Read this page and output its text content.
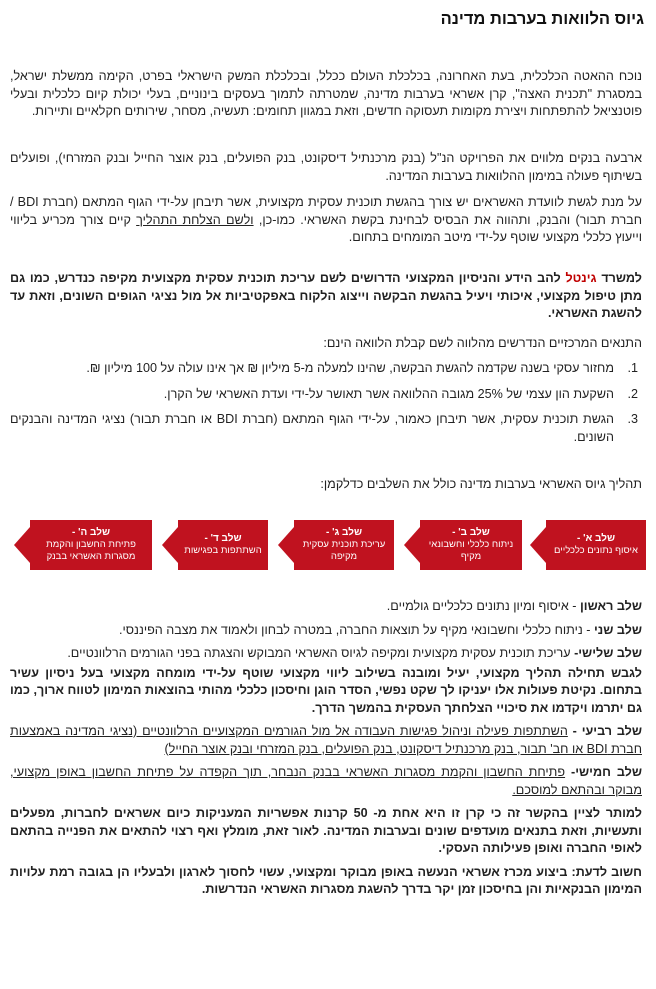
גיוס הלוואות בערבות מדינה
נוכח ההאטה הכלכלית, בעת האחרונה, בכלכלת העולם ככלל, ובכלכלת המשק הישראלי בפרט, הקימה ממשלת ישראל, במסגרת "תכנית האצה", קרן אשראי בערבות מדינה, שמטרתה לתמוך בעסקים בינוניים, בעלי יכולת קיום כלכלית ובעלי פוטנציאל להתפתחות ויצירת מקומות תעסוקה חדשים, וזאת במגוון תחומים: תעשיה, מסחר, שירותים חקלאיים ותיירות.
ארבעה בנקים מלווים את הפרויקט הנ"ל (בנק מרכנתיל דיסקונט, בנק הפועלים, בנק אוצר החייל ובנק המזרחי), ופועלים בשיתוף פעולה במימון ההלוואות בערבות המדינה.
על מנת לגשת לוועדת האשראים יש צורך בהגשת תוכנית עסקית מקצועית, אשר תיבחן על-ידי הגוף המתאם (חברת BDI / חברת תבור) והבנק, ותהווה את הבסיס לבחינת בקשת האשראי. כמו-כן, ולשם הצלחת התהליך קיים צורך מכריע בליווי וייעוץ כלכלי מקצועי שוטף על-ידי מיטב המומחים בתחום.
למשרד גינטל להב הידע והניסיון המקצועי הדרושים לשם עריכת תוכנית עסקית מקצועית מקיפה כנדרש, כמו גם מתן טיפול מקצועי, איכותי ויעיל בהגשת הבקשה וייצוג הלקוח באפקטיביות אל מול נציגי הגופים השונים, וזאת עד להשגת האשראי.
התנאים המרכזיים הנדרשים מהלווה לשם קבלת הלוואה הינם:
1.
מחזור עסקי בשנה שקדמה להגשת הבקשה, שהינו למעלה מ-5 מיליון ₪ אך אינו עולה על 100 מיליון ₪.
2.
השקעת הון עצמי של 25% מגובה ההלוואה אשר תאושר על-ידי ועדת האשראי של הקרן.
3.
הגשת תוכנית עסקית, אשר תיבחן כאמור, על-ידי הגוף המתאם (חברת BDI או חברת תבור) נציגי המדינה והבנקים השונים.
תהליך גיוס האשראי בערבות מדינה כולל את השלבים כדלקמן:
שלב א' -
איסוף נתונים כלכליים
שלב ב' -
ניתוח כלכלי וחשבונאי מקיף
שלב ג' -
עריכת תוכנית עסקית מקיפה
שלב ד' -
השתתפות בפגישות
שלב ה' -
פתיחת החשבון והקמת מסגרות האשראי בבנק
שלב ראשון - איסוף ומיון נתונים כלכליים גולמיים.
שלב שני - ניתוח כלכלי וחשבונאי מקיף על תוצאות החברה, במטרה לבחון ולאמוד את מצבה הפיננסי.
שלב שלישי- עריכת תוכנית עסקית מקצועית ומקיפה לגיוס האשראי המבוקש והצגתה בפני הגורמים הרלוונטיים.
לגבש תחילה תהליך מקצועי, יעיל ומובנה בשילוב ליווי מקצועי שוטף על-ידי מומחה מקצועי בעל ניסיון עשיר בתחום. נקיטת פעולות אלו יעניקו לך שקט נפשי, הסדר הוגן וחיסכון כלכלי מהותי בהוצאות המימון לטווח ארוך, כמו גם יתרמו ויקדמו את סיכויי הצלחתך העסקית בהמשך הדרך.
שלב רביעי - השתתפות פעילה וניהול פגישות העבודה אל מול הגורמים המקצועיים הרלוונטיים (נציגי המדינה באמצעות חברת BDI או חב' תבור, בנק מרכנתיל דיסקונט, בנק הפועלים, בנק המזרחי ובנק אוצר החייל)
שלב חמישי- פתיחת החשבון והקמת מסגרות האשראי בבנק הנבחר, תוך הקפדה על פתיחת החשבון באופן מקצועי, מבוקר ובהתאם למוסכם.
למותר לציין בהקשר זה כי קרן זו היא אחת מ- 50 קרנות אפשריות המעניקות כיום אשראים לחברות, מפעלים ותעשיות, וזאת בתנאים מועדפים שונים ובערבות המדינה. לאור זאת, מומלץ ואף רצוי להתאים את הפנייה בהתאם לאופי החברה ואופן פעילותה העסקי.
חשוב לדעת: ביצוע מכרז אשראי הנעשה באופן מבוקר ומקצועי, עשוי לחסוך לארגון ולבעליו הן בגובה רמת עלויות המימון הבנקאיות והן בחיסכון זמן יקר בדרך להשגת מסגרות האשראי הנדרשות.
